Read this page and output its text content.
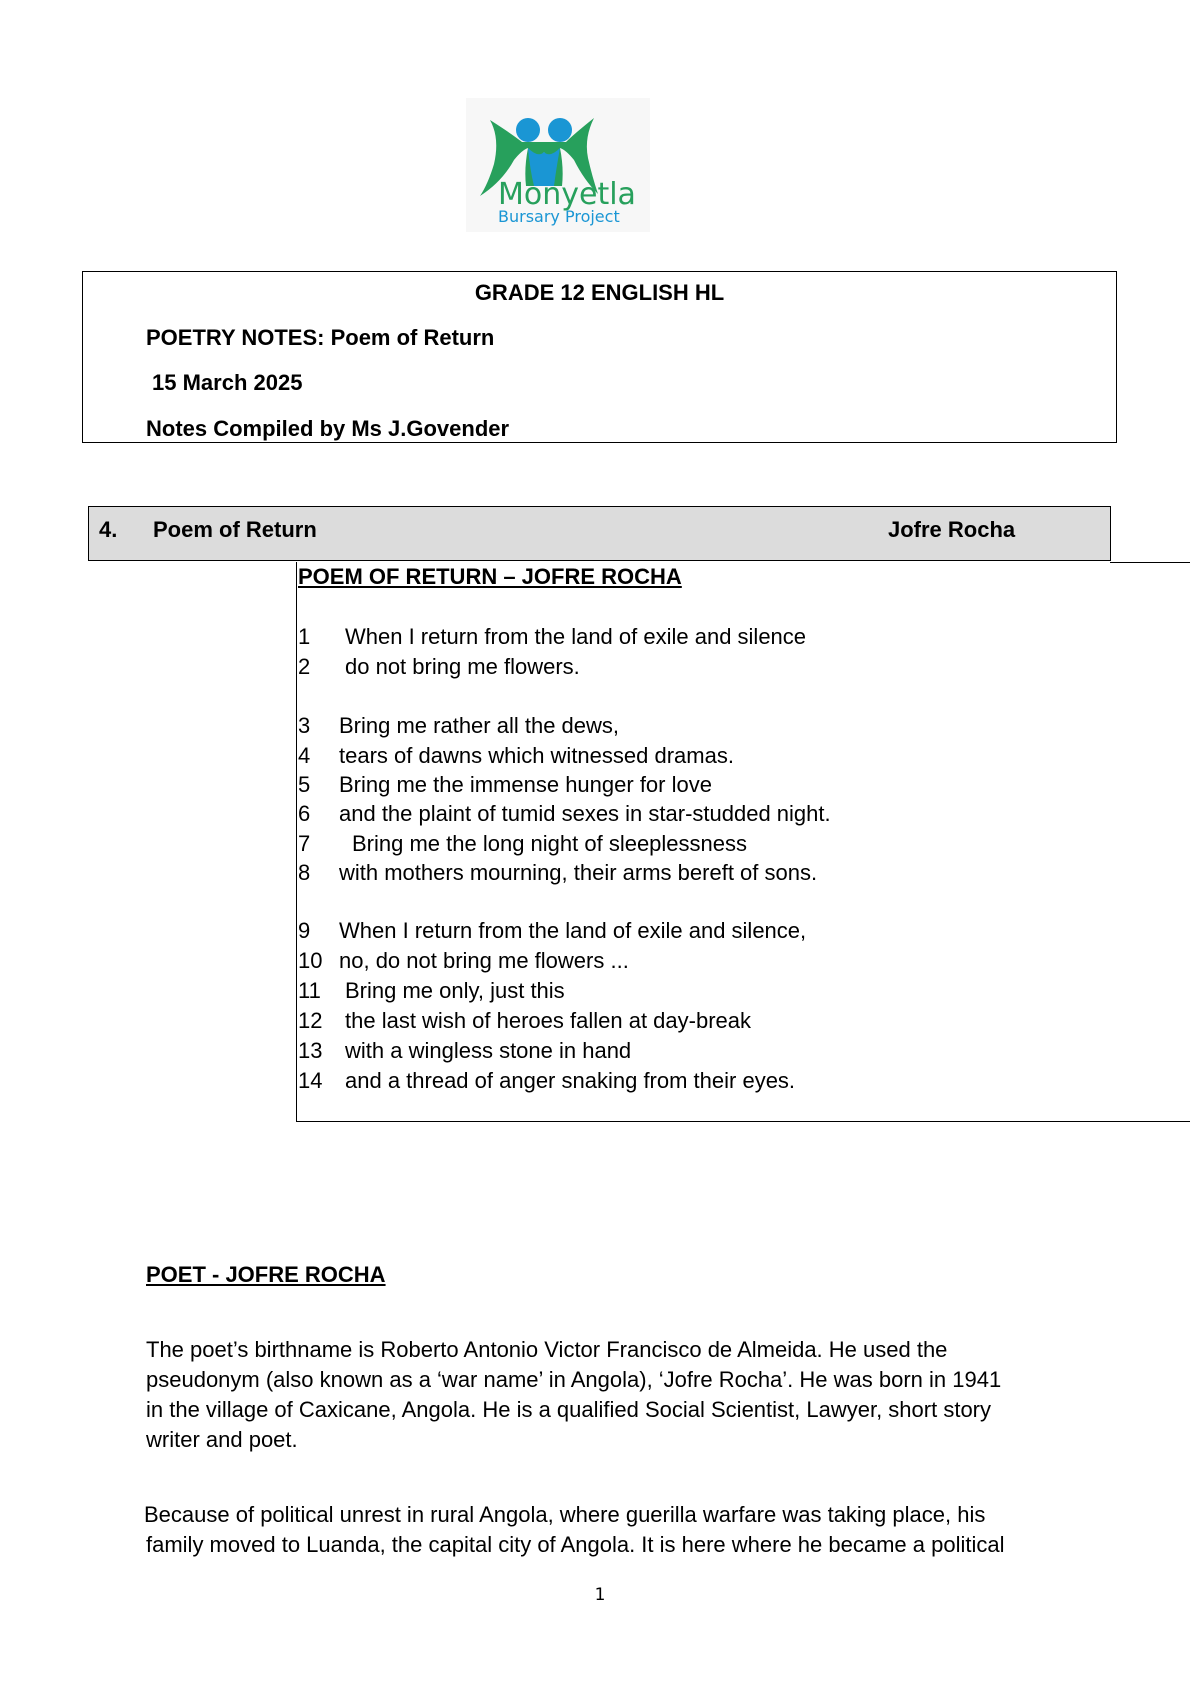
Monyetla
Bursary Project
GRADE 12 ENGLISH HL
POETRY NOTES: Poem of Return
15 March 2025
Notes Compiled by Ms J.Govender
4. Poem of Return	Jofre Rocha
POEM OF RETURN – JOFRE ROCHA
1 When I return from the land of exile and silence
2 do not bring me flowers.
3 Bring me rather all the dews,
4 tears of dawns which witnessed dramas.
5 Bring me the immense hunger for love
6 and the plaint of tumid sexes in star-studded night.
7 Bring me the long night of sleeplessness
8 with mothers mourning, their arms bereft of sons.
9 When I return from the land of exile and silence,
10 no, do not bring me flowers ...
11 Bring me only, just this
12 the last wish of heroes fallen at day-break
13 with a wingless stone in hand
14 and a thread of anger snaking from their eyes.
POET - JOFRE ROCHA
The poet’s birthname is Roberto Antonio Victor Francisco de Almeida. He used the
pseudonym (also known as a ‘war name’ in Angola), ‘Jofre Rocha’. He was born in 1941
in the village of Caxicane, Angola. He is a qualified Social Scientist, Lawyer, short story
writer and poet.
Because of political unrest in rural Angola, where guerilla warfare was taking place, his
family moved to Luanda, the capital city of Angola. It is here where he became a political
1
